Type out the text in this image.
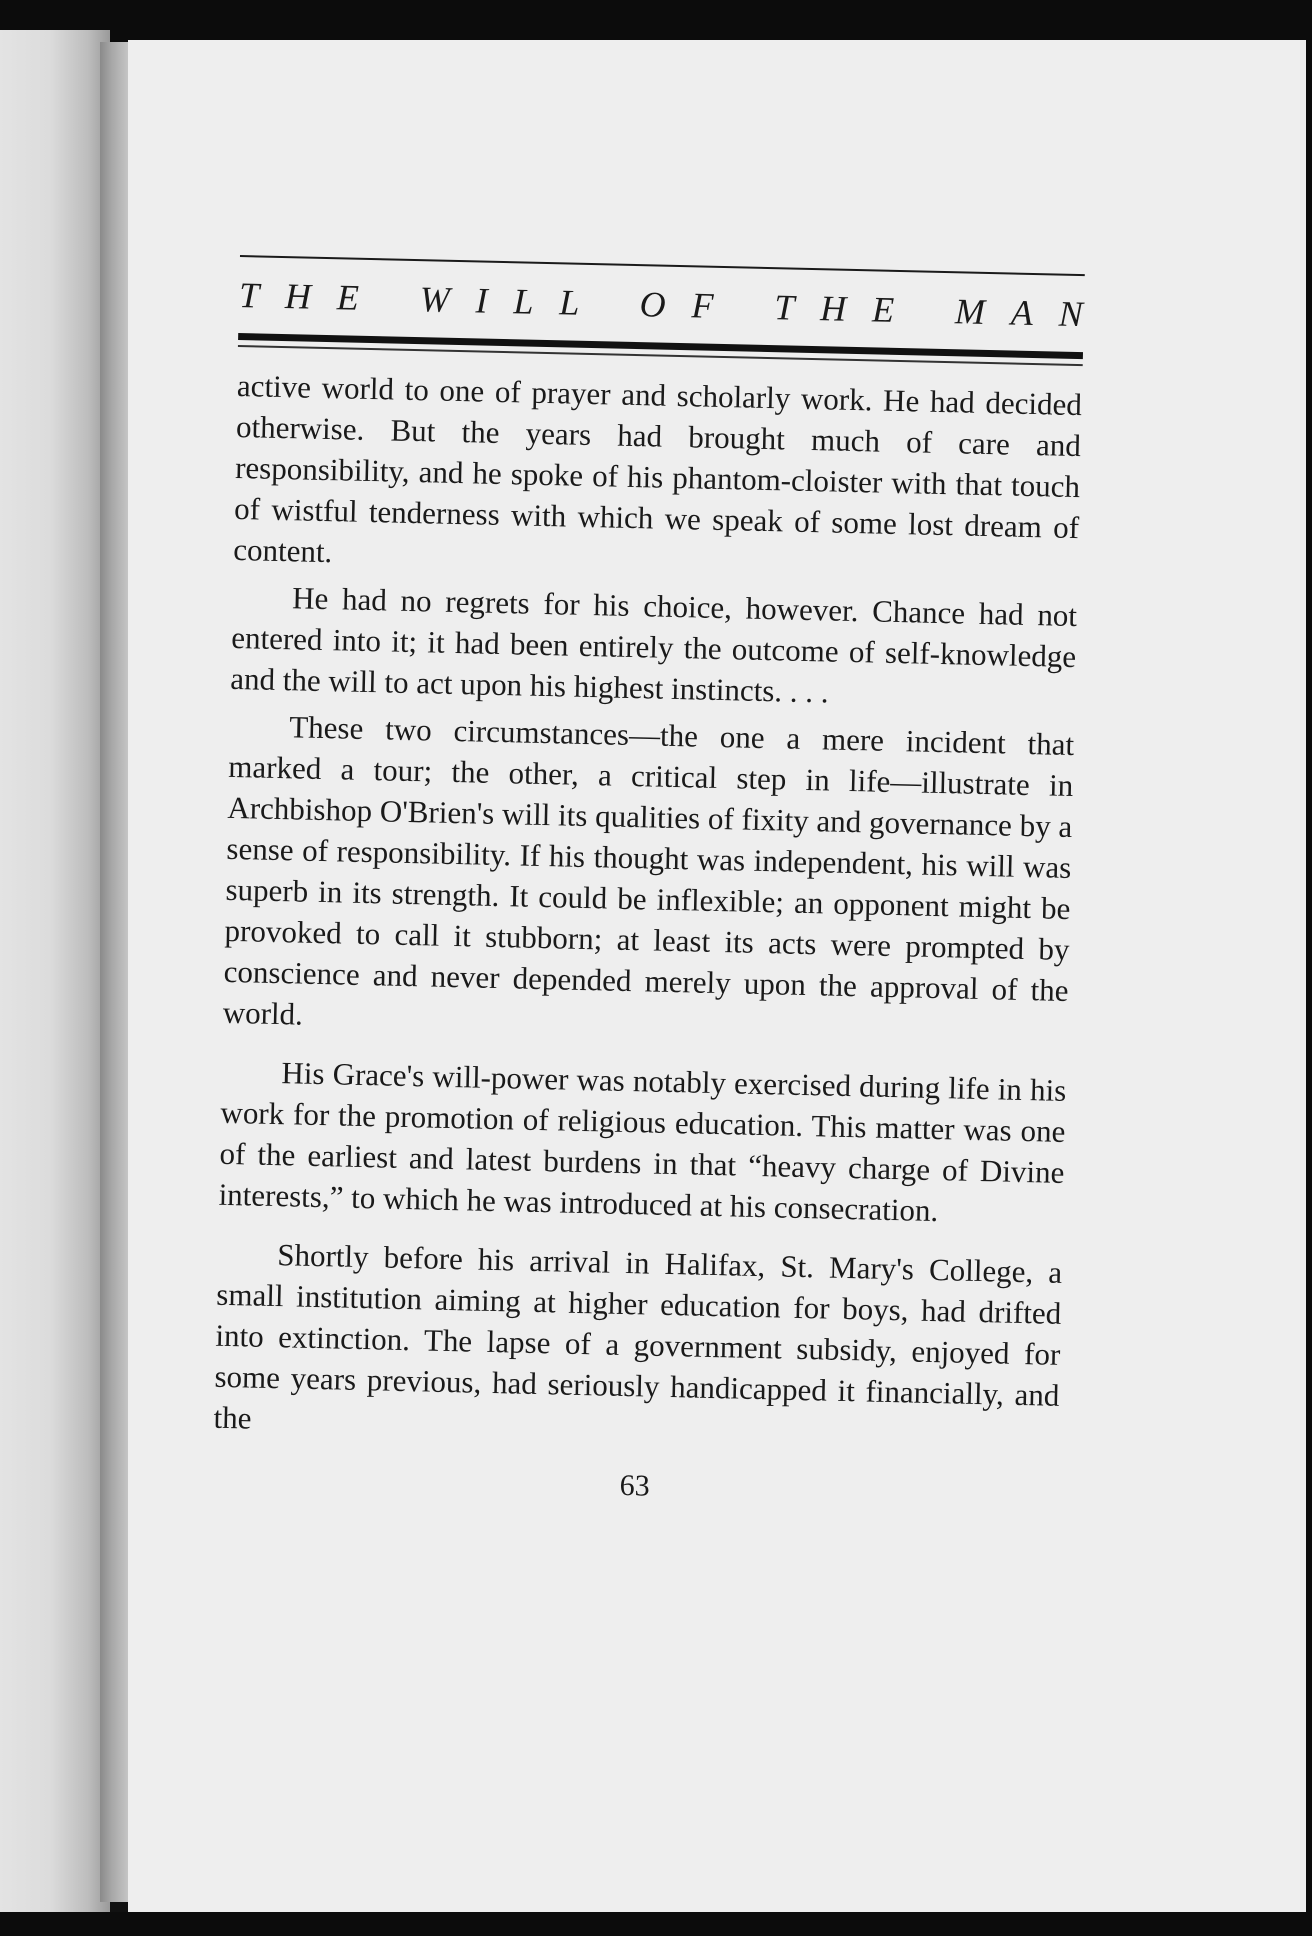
THE WILL OF THE MAN

active world to one of prayer and scholarly work. He had decided otherwise. But the years had brought much of care and responsibility, and he spoke of his phantom-cloister with that touch of wistful tenderness with which we speak of some lost dream of content.

He had no regrets for his choice, however. Chance had not entered into it; it had been entirely the outcome of self-knowledge and the will to act upon his highest instincts. . . .

These two circumstances—the one a mere incident that marked a tour; the other, a critical step in life—illustrate in Archbishop O'Brien's will its qualities of fixity and governance by a sense of responsibility. If his thought was independent, his will was superb in its strength. It could be inflexible; an opponent might be provoked to call it stubborn; at least its acts were prompted by conscience and never depended merely upon the approval of the world.

His Grace's will-power was notably exercised during life in his work for the promotion of religious education. This matter was one of the earliest and latest burdens in that “heavy charge of Divine interests,” to which he was introduced at his consecration.

Shortly before his arrival in Halifax, St. Mary's College, a small institution aiming at higher education for boys, had drifted into extinction. The lapse of a government subsidy, enjoyed for some years previous, had seriously handicapped it financially, and the

63
